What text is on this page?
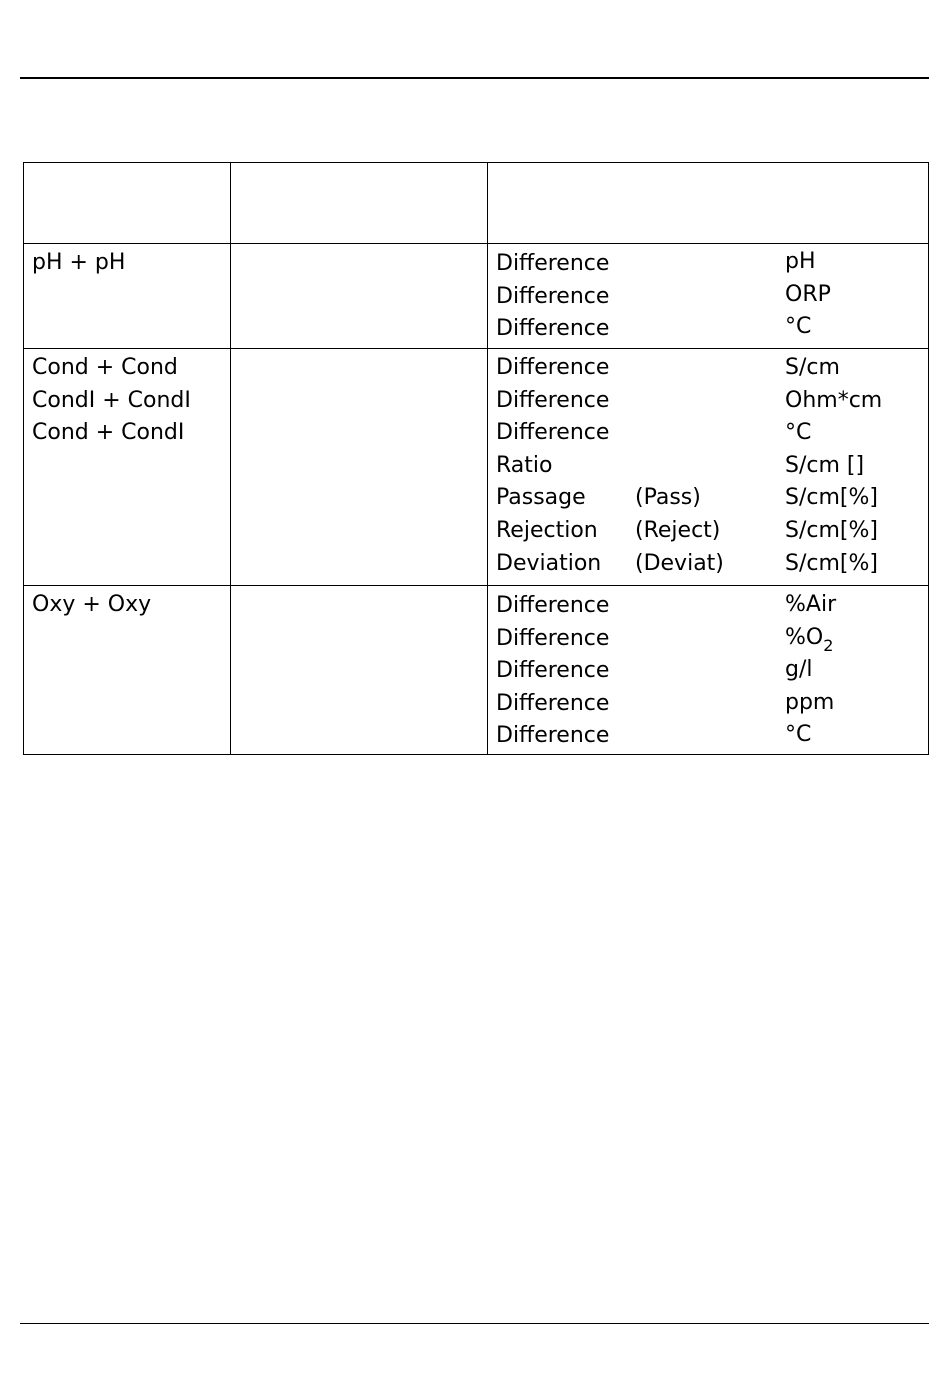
pH + pH	Difference
Difference
Difference
pH
ORP
°C
Cond + Cond
CondI + CondI
Cond + CondI
Difference
Difference
Difference
Ratio
Passage
Rejection
Deviation
(Pass)
(Reject)
(Deviat)
S/cm
Ohm*cm
°C
S/cm []
S/cm[%]
S/cm[%]
S/cm[%]
Oxy + Oxy	Difference
Difference
Difference
Difference
Difference
%Air
$\%O_2$
g/l
ppm
°C
